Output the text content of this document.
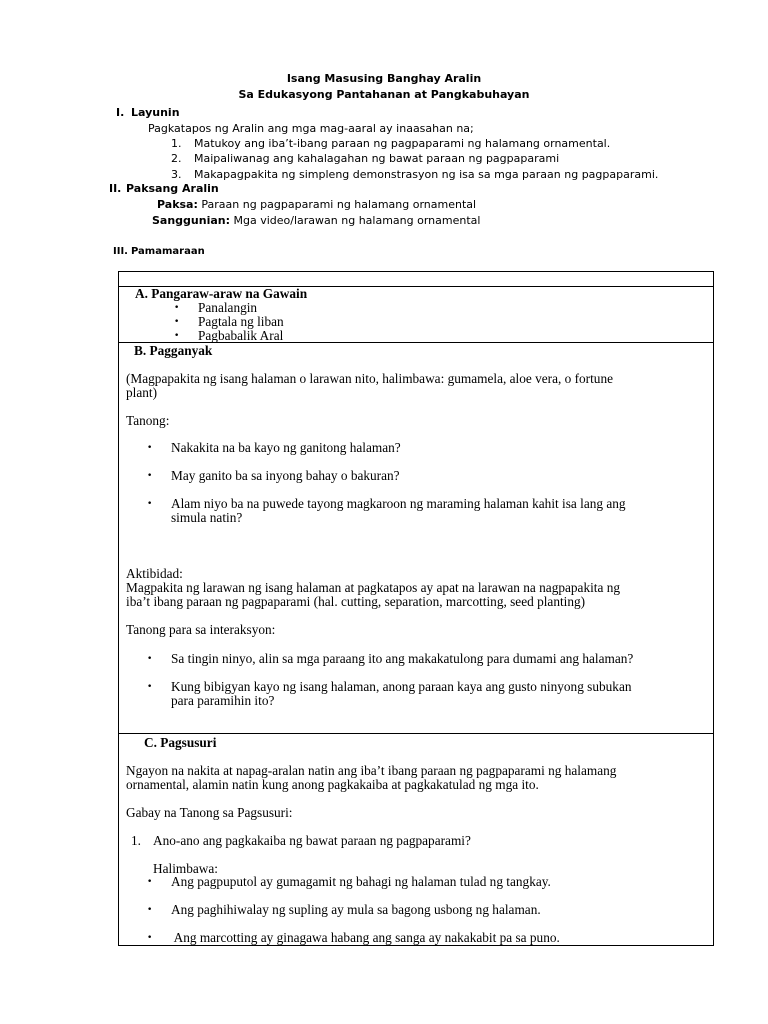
Isang Masusing Banghay Aralin
Sa Edukasyong Pantahanan at Pangkabuhayan
I. Layunin
Pagkatapos ng Aralin ang mga mag-aaral ay inaasahan na;
1. Matukoy ang iba’t-ibang paraan ng pagpaparami ng halamang ornamental.
2. Maipaliwanag ang kahalagahan ng bawat paraan ng pagpaparami
3. Makapagpakita ng simpleng demonstrasyon ng isa sa mga paraan ng pagpaparami.
II. Paksang Aralin
Paksa: Paraan ng pagpaparami ng halamang ornamental
Sanggunian: Mga video/larawan ng halamang ornamental
III. Pamamaraan
A. Pangaraw-araw na Gawain
• Panalangin
• Pagtala ng liban
• Pagbabalik Aral
B. Pagganyak
(Magpapakita ng isang halaman o larawan nito, halimbawa: gumamela, aloe vera, o fortune
plant)
Tanong:
• Nakakita na ba kayo ng ganitong halaman?
• May ganito ba sa inyong bahay o bakuran?
• Alam niyo ba na puwede tayong magkaroon ng maraming halaman kahit isa lang ang
simula natin?
Aktibidad:
Magpakita ng larawan ng isang halaman at pagkatapos ay apat na larawan na nagpapakita ng
iba’t ibang paraan ng pagpaparami (hal. cutting, separation, marcotting, seed planting)
Tanong para sa interaksyon:
• Sa tingin ninyo, alin sa mga paraang ito ang makakatulong para dumami ang halaman?
• Kung bibigyan kayo ng isang halaman, anong paraan kaya ang gusto ninyong subukan
para paramihin ito?
C. Pagsusuri
Ngayon na nakita at napag-aralan natin ang iba’t ibang paraan ng pagpaparami ng halamang
ornamental, alamin natin kung anong pagkakaiba at pagkakatulad ng mga ito.
Gabay na Tanong sa Pagsusuri:
1. Ano-ano ang pagkakaiba ng bawat paraan ng pagpaparami?
Halimbawa:
• Ang pagpuputol ay gumagamit ng bahagi ng halaman tulad ng tangkay.
• Ang paghihiwalay ng supling ay mula sa bagong usbong ng halaman.
• Ang marcotting ay ginagawa habang ang sanga ay nakakabit pa sa puno.
